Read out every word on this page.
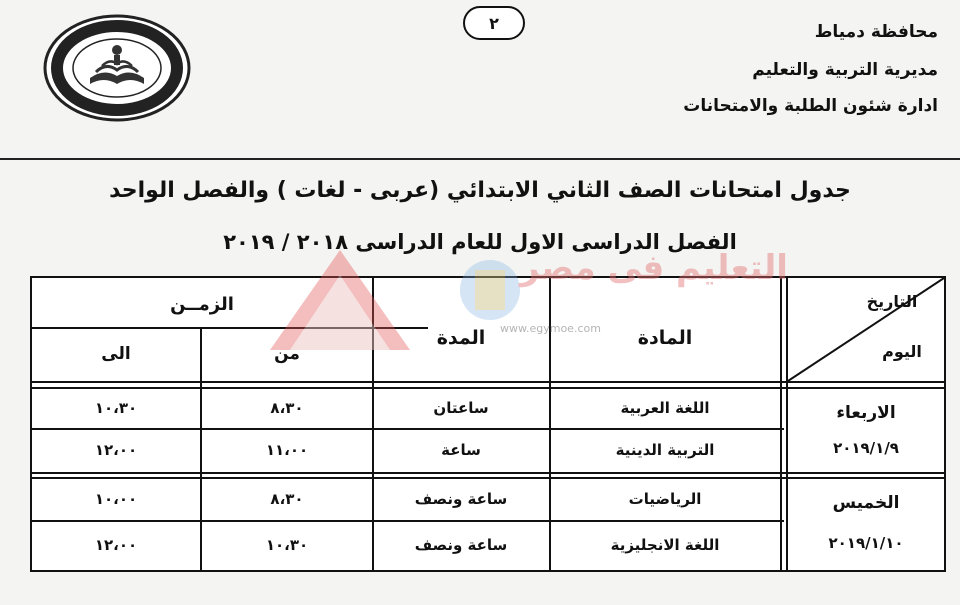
٢	محافظة دمياط
مديرية التربية والتعليم
ادارة شئون الطلبة والامتحانات
جدول امتحانات الصف الثاني الابتدائي (عربى - لغات ) والفصل الواحد
الفصل الدراسى الاول للعام الدراسى ٢٠١٨ / ٢٠١٩
التاريخ
اليوم
المادة
المدة
الزمــن
من
الى
الاربعاء
٢٠١٩/١/٩
اللغة العربية
ساعتان
٨،٣٠
١٠،٣٠
التربية الدينية
ساعة
١١،٠٠
١٢،٠٠
الخميس
٢٠١٩/١/١٠
الرياضيات
ساعة ونصف
٨،٣٠
١٠،٠٠
اللغة الانجليزية
ساعة ونصف
١٠،٣٠
١٢،٠٠
التعليم فى مصر
www.egymoe.com
